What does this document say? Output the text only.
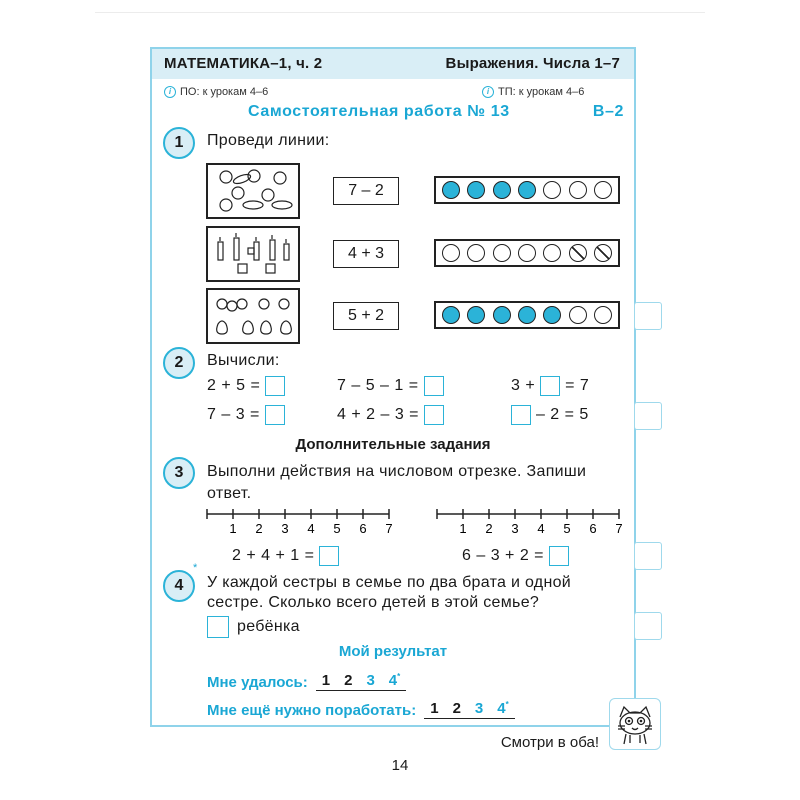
МАТЕМАТИКА–1, ч. 2	Выражения. Числа 1–7
i ПО: к урокам 4–6	i ТП: к урокам 4–6
Самостоятельная работа № 13	В–2
1	Проведи линии:
7 – 2
4 + 3
5 + 2
2	Вычисли:
2 + 5 =	7 – 5 – 1 =	3 + = 7
7 – 3 =	4 + 2 – 3 =	– 2 = 5
Дополнительные задания
3	Выполни действия на числовом отрезке. Запиши ответ.
1 2 3 4 5 6 7	1 2 3 4 5 6 7
2 + 4 + 1 =	6 – 3 + 2 =
4
*
У каждой сестры в семье по два брата и одной
сестре. Сколько всего детей в этой семье?
ребёнка
Мой результат
Мне удалось: 1 2 3 4*
Мне ещё нужно поработать: 1 2 3 4*
Смотри в оба!
14
